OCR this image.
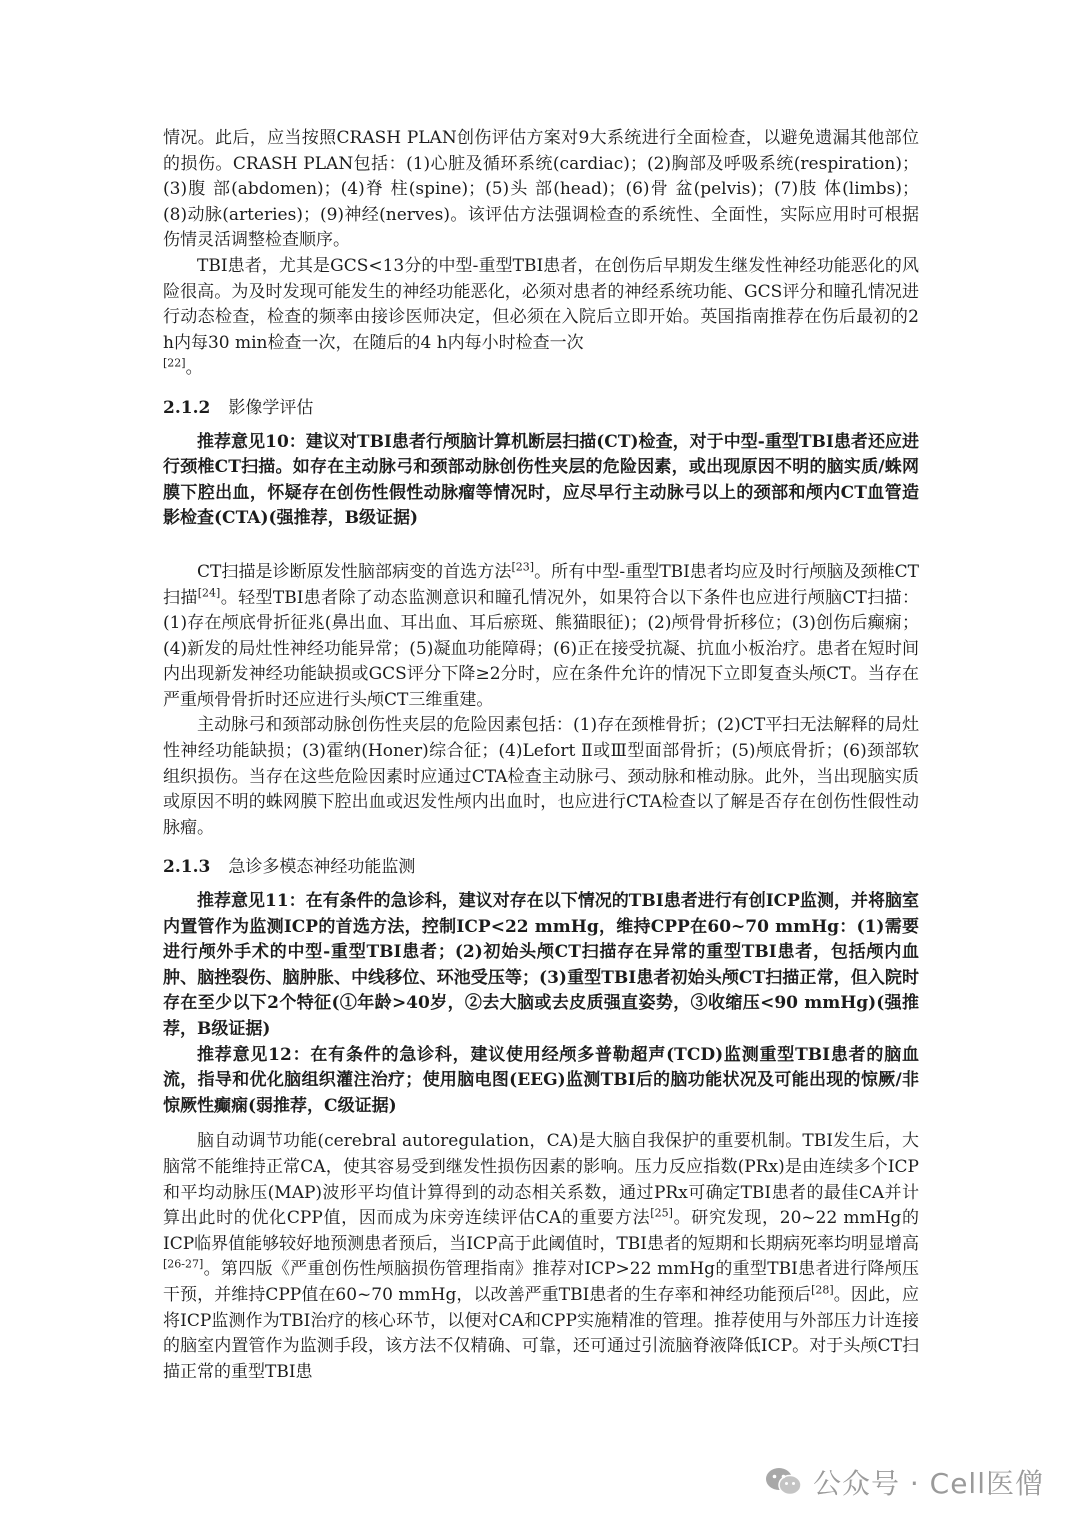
情况。此后，应当按照CRASH PLAN创伤评估方案对9大系统进行全面检查，以避免遗漏其他部位的损伤。CRASH PLAN包括：(1)心脏及循环系统(cardiac)；(2)胸部及呼吸系统(respiration)；(3)腹 部(abdomen)；(4)脊 柱(spine)；(5)头 部(head)；(6)骨 盆(pelvis)；(7)肢 体(limbs)；(8)动脉(arteries)；(9)神经(nerves)。该评估方法强调检查的系统性、全面性，实际应用时可根据伤情灵活调整检查顺序。

TBI患者，尤其是GCS<13分的中型-重型TBI患者，在创伤后早期发生继发性神经功能恶化的风险很高。为及时发现可能发生的神经功能恶化，必须对患者的神经系统功能、GCS评分和瞳孔情况进行动态检查，检查的频率由接诊医师决定，但必须在入院后立即开始。英国指南推荐在伤后最初的2 h内每30 min检查一次，在随后的4 h内每小时检查一次
[22]。

2.1.2 影像学评估

推荐意见10：建议对TBI患者行颅脑计算机断层扫描(CT)检查，对于中型-重型TBI患者还应进行颈椎CT扫描。如存在主动脉弓和颈部动脉创伤性夹层的危险因素，或出现原因不明的脑实质/蛛网膜下腔出血，怀疑存在创伤性假性动脉瘤等情况时，应尽早行主动脉弓以上的颈部和颅内CT血管造影检查(CTA)(强推荐，B级证据)

CT扫描是诊断原发性脑部病变的首选方法[23]。所有中型-重型TBI患者均应及时行颅脑及颈椎CT扫描[24]。轻型TBI患者除了动态监测意识和瞳孔情况外，如果符合以下条件也应进行颅脑CT扫描：(1)存在颅底骨折征兆(鼻出血、耳出血、耳后瘀斑、熊猫眼征)；(2)颅骨骨折移位；(3)创伤后癫痫；(4)新发的局灶性神经功能异常；(5)凝血功能障碍；(6)正在接受抗凝、抗血小板治疗。患者在短时间内出现新发神经功能缺损或GCS评分下降≥2分时，应在条件允许的情况下立即复查头颅CT。当存在严重颅骨骨折时还应进行头颅CT三维重建。

主动脉弓和颈部动脉创伤性夹层的危险因素包括：(1)存在颈椎骨折；(2)CT平扫无法解释的局灶性神经功能缺损；(3)霍纳(Honer)综合征；(4)Lefort Ⅱ或Ⅲ型面部骨折；(5)颅底骨折；(6)颈部软组织损伤。当存在这些危险因素时应通过CTA检查主动脉弓、颈动脉和椎动脉。此外，当出现脑实质或原因不明的蛛网膜下腔出血或迟发性颅内出血时，也应进行CTA检查以了解是否存在创伤性假性动脉瘤。

2.1.3 急诊多模态神经功能监测

推荐意见11：在有条件的急诊科，建议对存在以下情况的TBI患者进行有创ICP监测，并将脑室内置管作为监测ICP的首选方法，控制ICP<22 mmHg，维持CPP在60~70 mmHg：(1)需要进行颅外手术的中型-重型TBI患者；(2)初始头颅CT扫描存在异常的重型TBI患者，包括颅内血肿、脑挫裂伤、脑肿胀、中线移位、环池受压等；(3)重型TBI患者初始头颅CT扫描正常，但入院时存在至少以下2个特征(①年龄>40岁，②去大脑或去皮质强直姿势，③收缩压<90 mmHg)(强推荐，B级证据)

推荐意见12：在有条件的急诊科，建议使用经颅多普勒超声(TCD)监测重型TBI患者的脑血流，指导和优化脑组织灌注治疗；使用脑电图(EEG)监测TBI后的脑功能状况及可能出现的惊厥/非惊厥性癫痫(弱推荐，C级证据)

脑自动调节功能(cerebral autoregulation，CA)是大脑自我保护的重要机制。TBI发生后，大脑常不能维持正常CA，使其容易受到继发性损伤因素的影响。压力反应指数(PRx)是由连续多个ICP和平均动脉压(MAP)波形平均值计算得到的动态相关系数，通过PRx可确定TBI患者的最佳CA并计算出此时的优化CPP值，因而成为床旁连续评估CA的重要方法[25]。研究发现，20~22 mmHg的ICP临界值能够较好地预测患者预后，当ICP高于此阈值时，TBI患者的短期和长期病死率均明显增高[26-27]。第四版《严重创伤性颅脑损伤管理指南》推荐对ICP>22 mmHg的重型TBI患者进行降颅压干预，并维持CPP值在60~70 mmHg，以改善严重TBI患者的生存率和神经功能预后[28]。因此，应将ICP监测作为TBI治疗的核心环节，以便对CA和CPP实施精准的管理。推荐使用与外部压力计连接的脑室内置管作为监测手段，该方法不仅精确、可靠，还可通过引流脑脊液降低ICP。对于头颅CT扫描正常的重型TBI患

公众号 · Cell医僧
